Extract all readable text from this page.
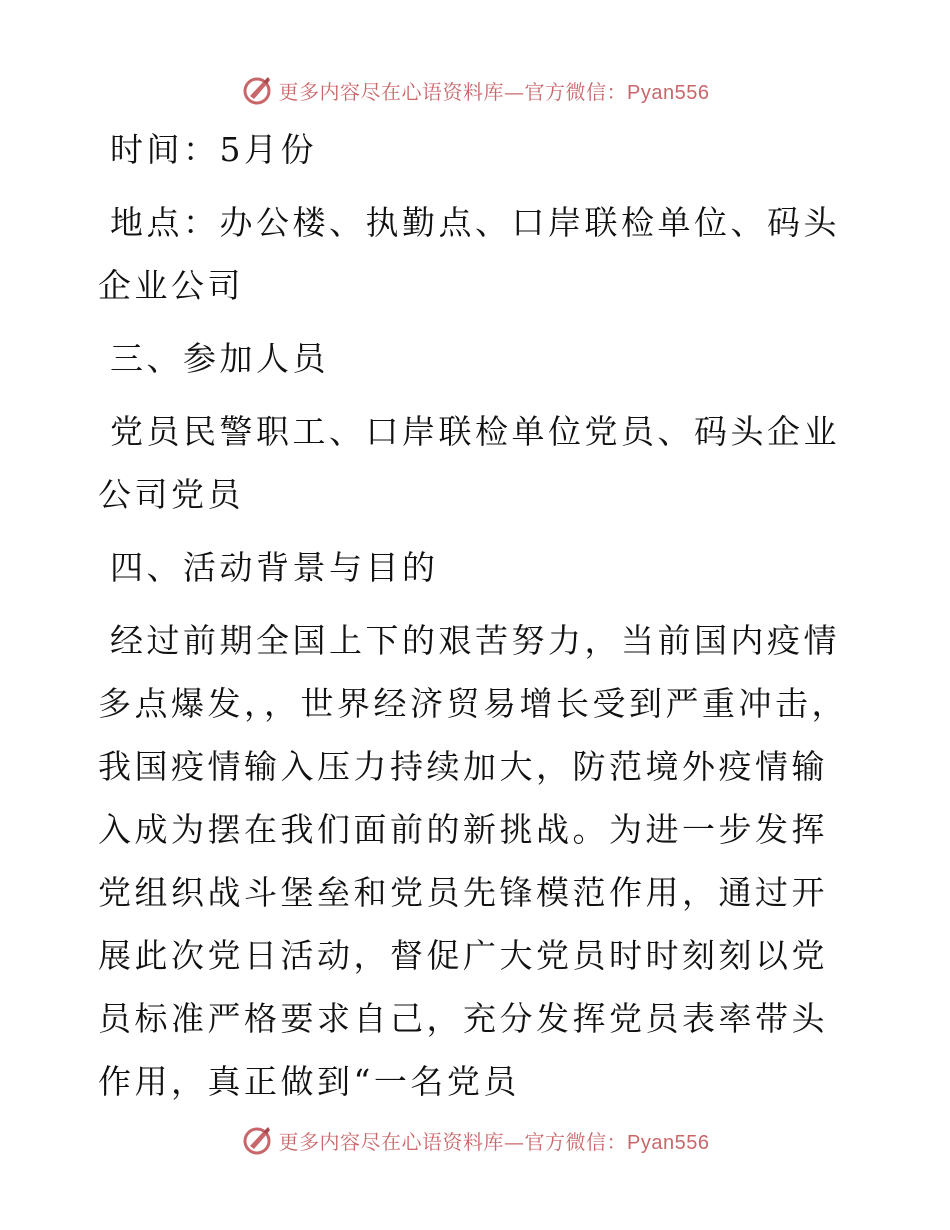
更多内容尽在心语资料库—官方微信：Pyan556

时间：5月份

地点：办公楼、执勤点、口岸联检单位、码头企业公司

三、参加人员

党员民警职工、口岸联检单位党员、码头企业公司党员

四、活动背景与目的

经过前期全国上下的艰苦努力，当前国内疫情多点爆发，，世界经济贸易增长受到严重冲击，我国疫情输入压力持续加大，防范境外疫情输入成为摆在我们面前的新挑战。为进一步发挥党组织战斗堡垒和党员先锋模范作用，通过开展此次党日活动，督促广大党员时时刻刻以党员标准严格要求自己，充分发挥党员表率带头作用，真正做到“一名党员

更多内容尽在心语资料库—官方微信：Pyan556
